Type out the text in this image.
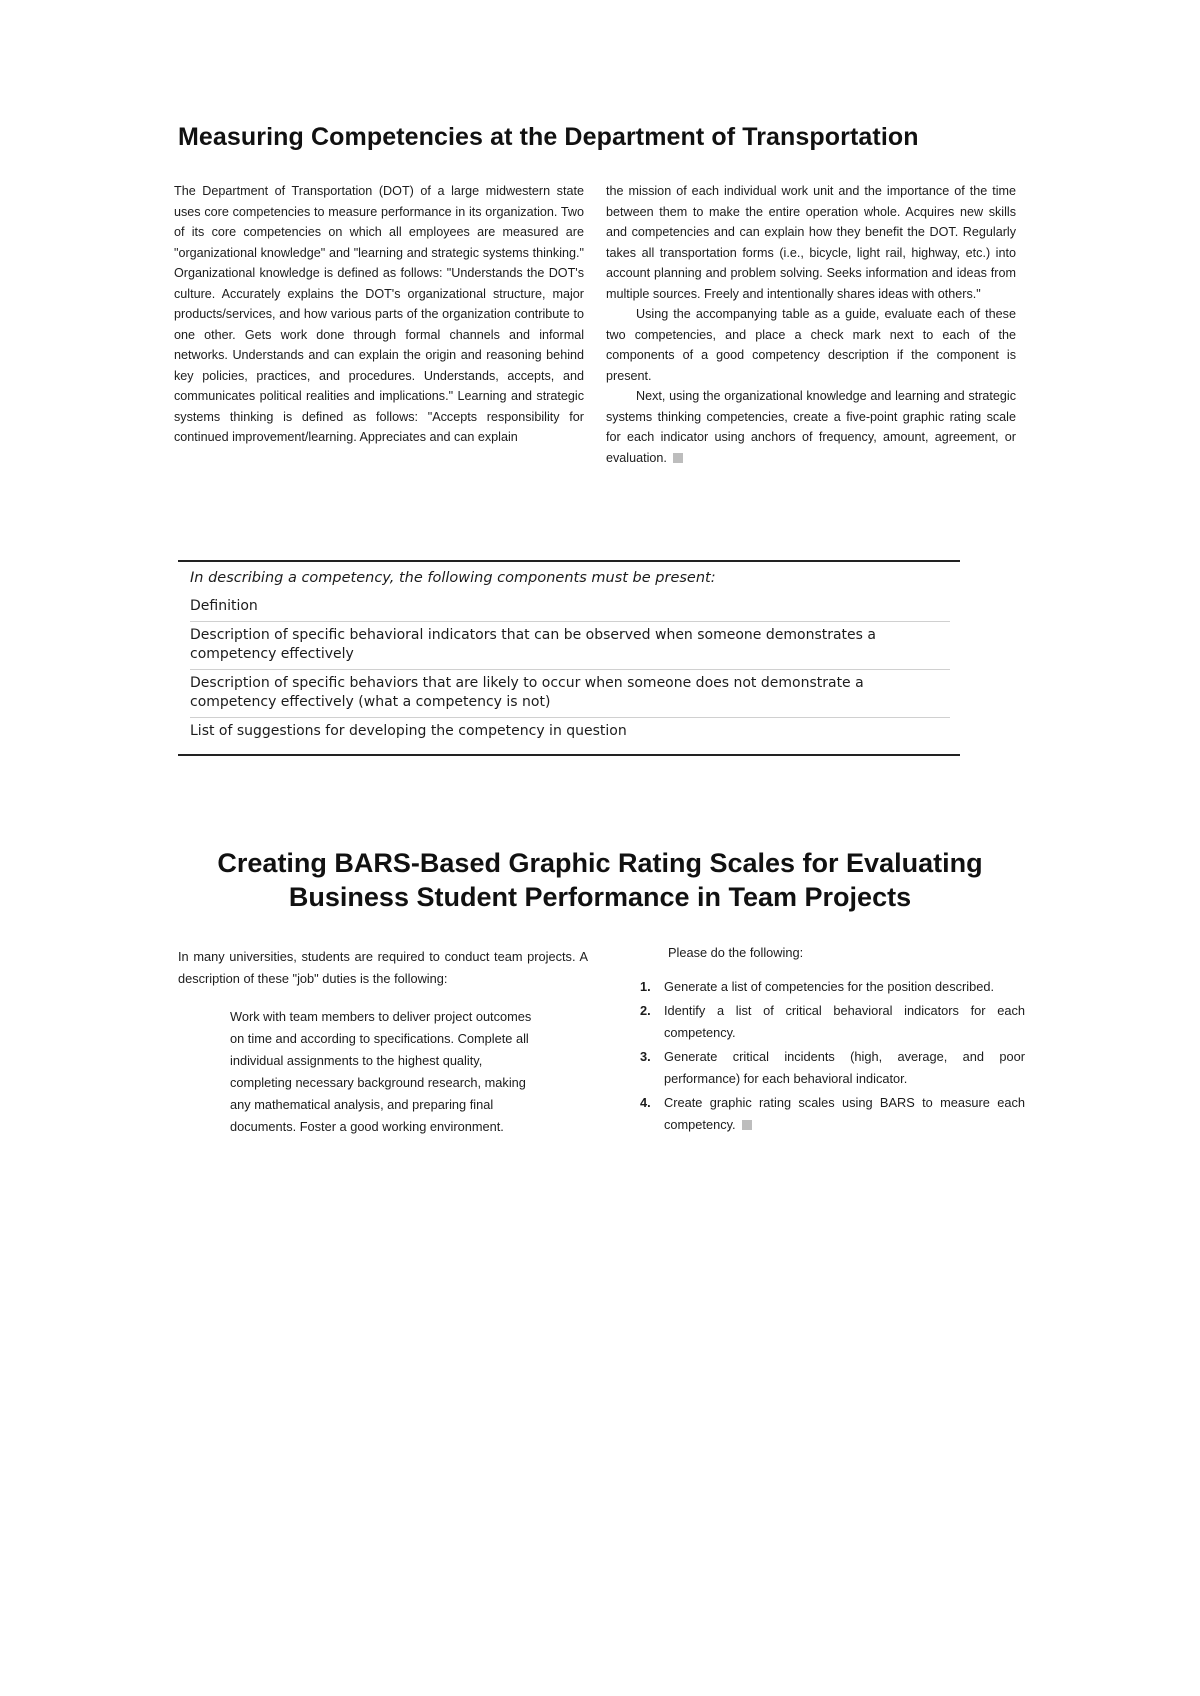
Measuring Competencies at the Department of Transportation

The Department of Transportation (DOT) of a large midwestern state uses core competencies to measure performance in its organization. Two of its core competencies on which all employees are measured are "organizational knowledge" and "learning and strategic systems thinking." Organizational knowledge is defined as follows: "Understands the DOT's culture. Accurately explains the DOT's organizational structure, major products/services, and how various parts of the organization contribute to one other. Gets work done through formal channels and informal networks. Understands and can explain the origin and reasoning behind key policies, practices, and procedures. Understands, accepts, and communicates political realities and implications." Learning and strategic systems thinking is defined as follows: "Accepts responsibility for continued improvement/learning. Appreciates and can explain

the mission of each individual work unit and the importance of the time between them to make the entire operation whole. Acquires new skills and competencies and can explain how they benefit the DOT. Regularly takes all transportation forms (i.e., bicycle, light rail, highway, etc.) into account planning and problem solving. Seeks information and ideas from multiple sources. Freely and intentionally shares ideas with others."

Using the accompanying table as a guide, evaluate each of these two competencies, and place a check mark next to each of the components of a good competency description if the component is present.

Next, using the organizational knowledge and learning and strategic systems thinking competencies, create a five-point graphic rating scale for each indicator using anchors of frequency, amount, agreement, or evaluation.

In describing a competency, the following components must be present:
Definition
Description of specific behavioral indicators that can be observed when someone demonstrates a competency effectively
Description of specific behaviors that are likely to occur when someone does not demonstrate a competency effectively (what a competency is not)
List of suggestions for developing the competency in question
Creating BARS-Based Graphic Rating Scales for Evaluating
Business Student Performance in Team Projects

In many universities, students are required to conduct team projects. A description of these "job" duties is the following:

Work with team members to deliver project outcomes on time and according to specifications. Complete all individual assignments to the highest quality, completing necessary background research, making any mathematical analysis, and preparing final documents. Foster a good working environment.

Please do the following:

1. Generate a list of competencies for the position described.
2. Identify a list of critical behavioral indicators for each competency.
3. Generate critical incidents (high, average, and poor performance) for each behavioral indicator.
4. Create graphic rating scales using BARS to measure each competency.
